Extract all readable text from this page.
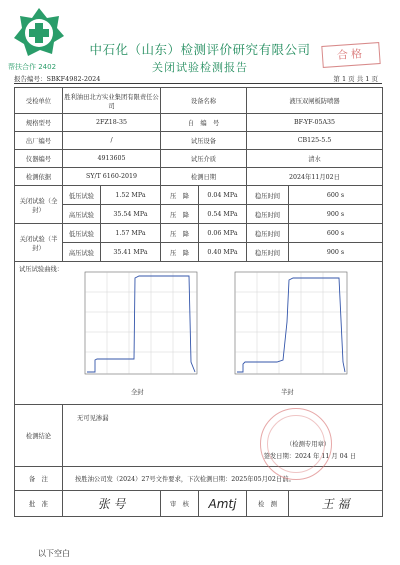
帮扶合作 2402
中石化（山东）检测评价研究有限公司
关闭试验检测报告
合格
报告编号：SBKF4982-2024	第 1 页 共 1 页
受检单位	胜利油田北方实业集团有限责任公司		设备名称		液压双闸板防喷器	
规格型号	2FZ18-35		自　编　号		BF-YF-05A35	
出厂编号	/		试压设备		CB125-5.5	
仪器编号	4913605		试压介质		清水	
检测依据	SY/T 6160-2019		检测日期		2024年11月02日	
关闭试验（全封）	低压试验	1.52 MPa	压　降	0.04 MPa	稳压时间	600 s
	高压试验	35.54 MPa	压　降	0.54 MPa	稳压时间	900 s
关闭试验（半封）	低压试验	1.57 MPa	压　降	0.06 MPa	稳压时间	600 s
	高压试验	35.41 MPa	压　降	0.40 MPa	稳压时间	900 s

试压试验曲线：
全封 半封						

检测结论	无可见渗漏
签发日期：2024 年 11 月 04 日					

备　注	按胜油公司发（2024）27号文件要求，下次检测日期：2025年05月02日前。					
批　准	张 号		审　核	Amtj	检　测	王 福
（检测专用章）
以下空白
